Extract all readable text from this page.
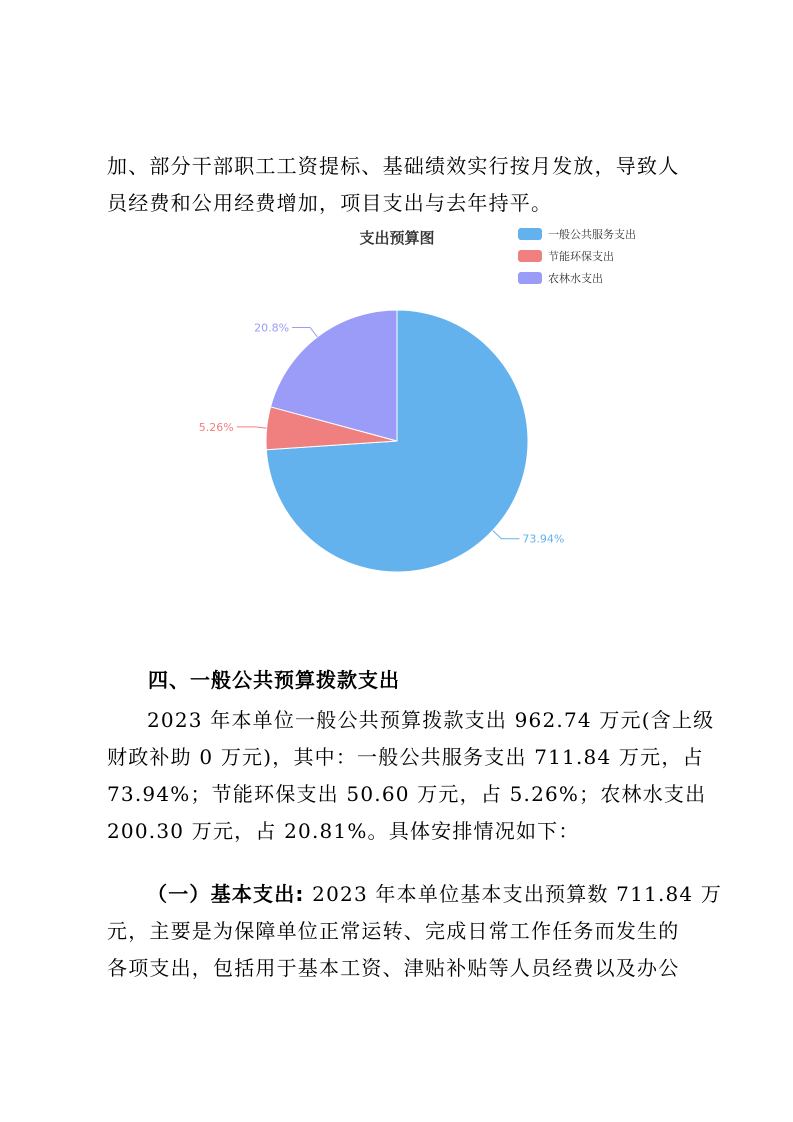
加、部分干部职工工资提标、基础绩效实行按月发放，导致人
员经费和公用经费增加，项目支出与去年持平。
支出预算图	一般公共服务支出
节能环保支出
农林水支出
73.94%
5.26%
20.8%
四、一般公共预算拨款支出
2023 年本单位一般公共预算拨款支出 962.74 万元(含上级
财政补助 0 万元)，其中：一般公共服务支出 711.84 万元，占
73.94%；节能环保支出 50.60 万元，占 5.26%；农林水支出
200.30 万元，占 20.81%。具体安排情况如下：
（一）基本支出: 2023 年本单位基本支出预算数 711.84 万
元，主要是为保障单位正常运转、完成日常工作任务而发生的
各项支出，包括用于基本工资、津贴补贴等人员经费以及办公
